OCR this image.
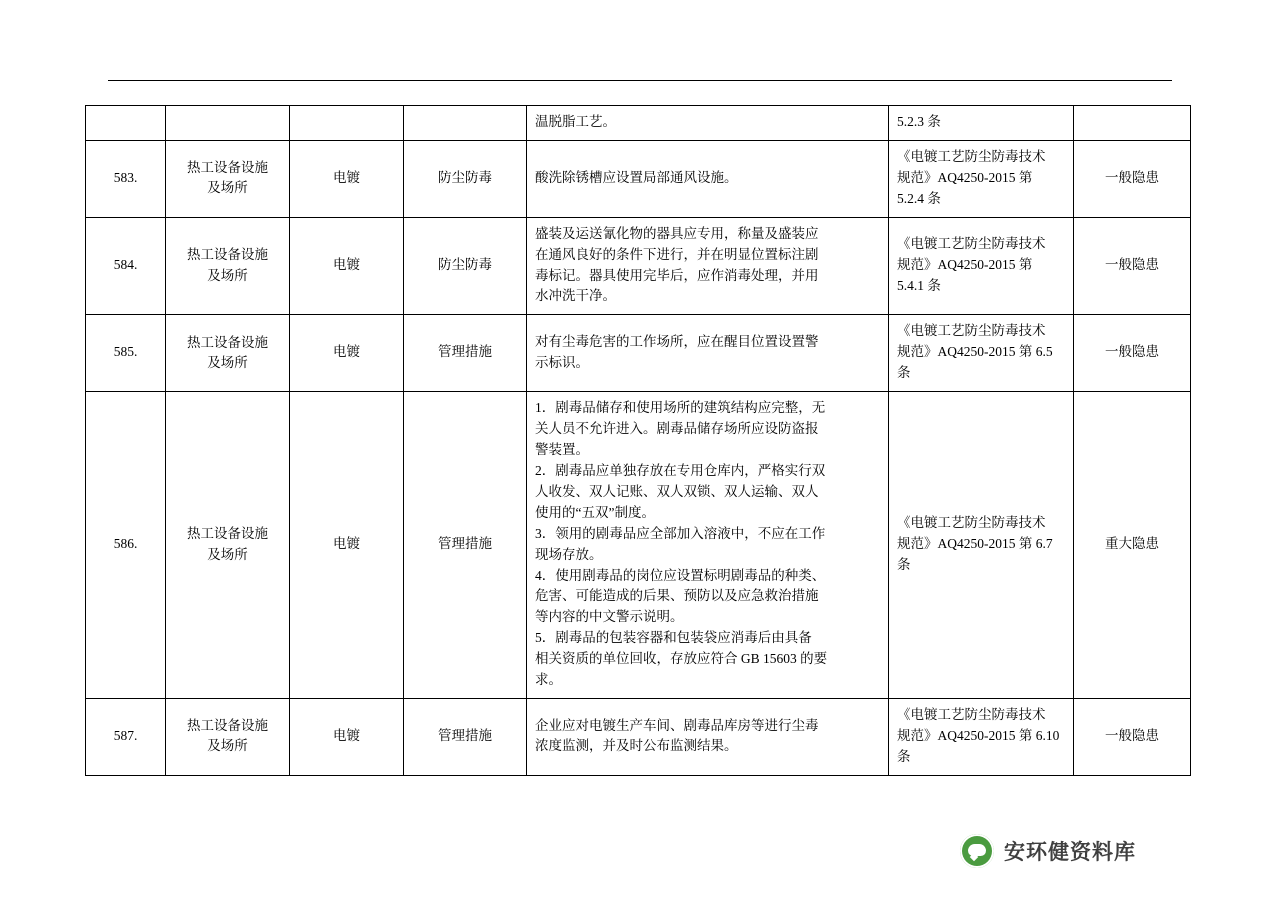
				温脱脂工艺。	5.2.3 条	
583.	热工设备设施
及场所	电镀	防尘防毒	酸洗除锈槽应设置局部通风设施。	《电镀工艺防尘防毒技术
规范》AQ4250-2015 第
5.2.4 条	一般隐患
584.	热工设备设施
及场所	电镀	防尘防毒	盛装及运送氰化物的器具应专用，称量及盛装应
在通风良好的条件下进行，并在明显位置标注剧
毒标记。器具使用完毕后，应作消毒处理，并用
水冲洗干净。	《电镀工艺防尘防毒技术
规范》AQ4250-2015 第
5.4.1 条	一般隐患
585.	热工设备设施
及场所	电镀	管理措施	对有尘毒危害的工作场所，应在醒目位置设置警
示标识。	《电镀工艺防尘防毒技术
规范》AQ4250-2015 第 6.5
条	一般隐患
586.	
热工设备设施
及场所
	电镀	管理措施	
1．剧毒品储存和使用场所的建筑结构应完整，无
关人员不允许进入。剧毒品储存场所应设防盗报
警装置。
2．剧毒品应单独存放在专用仓库内，严格实行双
人收发、双人记账、双人双锁、双人运输、双人
使用的“五双”制度。
3．领用的剧毒品应全部加入溶液中，不应在工作
现场存放。
4．使用剧毒品的岗位应设置标明剧毒品的种类、
危害、可能造成的后果、预防以及应急救治措施
等内容的中文警示说明。
5．剧毒品的包装容器和包装袋应消毒后由具备
相关资质的单位回收，存放应符合 GB 15603 的要
求。

《电镀工艺防尘防毒技术
规范》AQ4250-2015 第 6.7
条
	重大隐患
587.	热工设备设施
及场所	电镀	管理措施	企业应对电镀生产车间、剧毒品库房等进行尘毒
浓度监测，并及时公布监测结果。	《电镀工艺防尘防毒技术
规范》AQ4250-2015 第 6.10
条	一般隐患
安环健资料库
